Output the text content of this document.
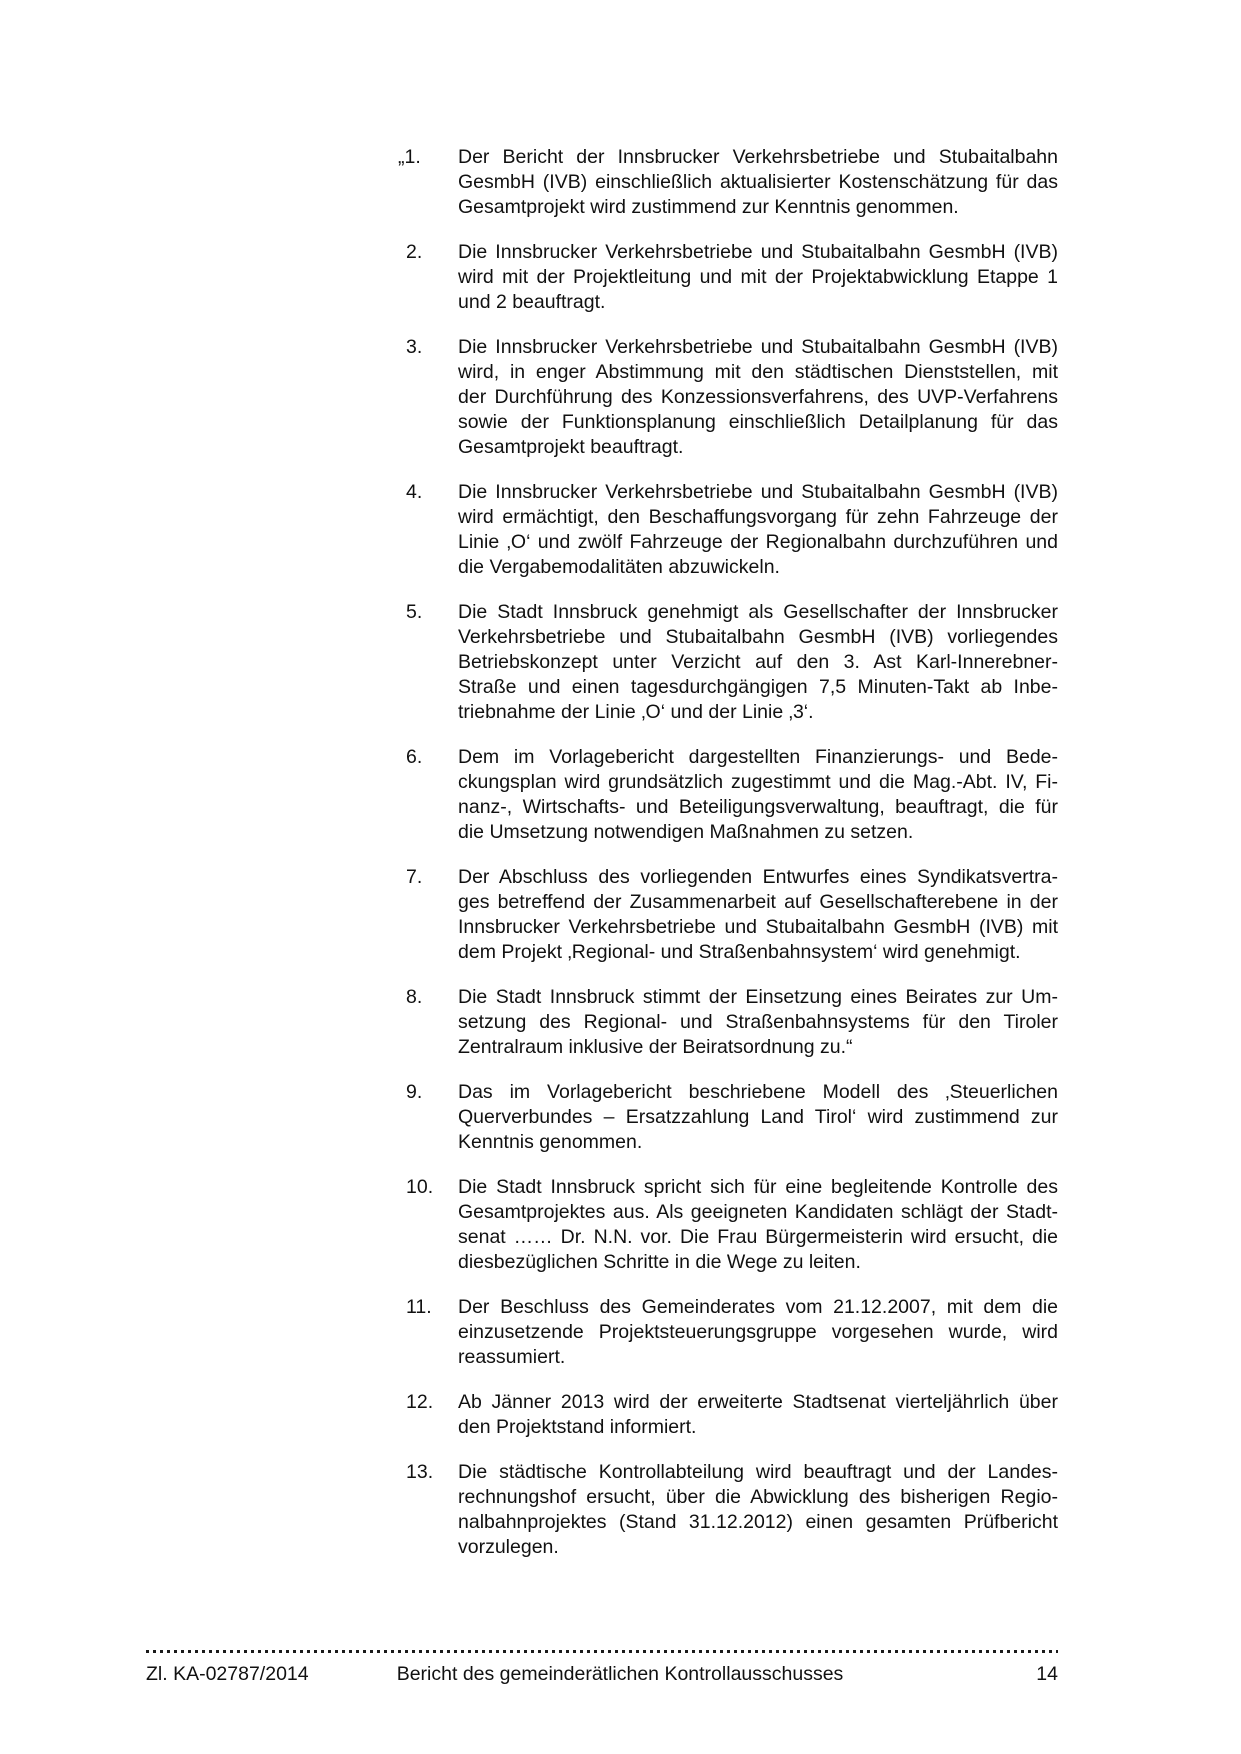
„1. Der Bericht der Innsbrucker Verkehrsbetriebe und Stubaitalbahn
GesmbH (IVB) einschließlich aktualisierter Kostenschätzung für das
Gesamtprojekt wird zustimmend zur Kenntnis genommen.
2. Die Innsbrucker Verkehrsbetriebe und Stubaitalbahn GesmbH (IVB)
wird mit der Projektleitung und mit der Projektabwicklung Etappe 1
und 2 beauftragt.
3. Die Innsbrucker Verkehrsbetriebe und Stubaitalbahn GesmbH (IVB)
wird, in enger Abstimmung mit den städtischen Dienststellen, mit
der Durchführung des Konzessionsverfahrens, des UVP-Verfahrens
sowie der Funktionsplanung einschließlich Detailplanung für das
Gesamtprojekt beauftragt.
4. Die Innsbrucker Verkehrsbetriebe und Stubaitalbahn GesmbH (IVB)
wird ermächtigt, den Beschaffungsvorgang für zehn Fahrzeuge der
Linie ‚O‘ und zwölf Fahrzeuge der Regionalbahn durchzuführen und
die Vergabemodalitäten abzuwickeln.
5. Die Stadt Innsbruck genehmigt als Gesellschafter der Innsbrucker
Verkehrsbetriebe und Stubaitalbahn GesmbH (IVB) vorliegendes
Betriebskonzept unter Verzicht auf den 3. Ast Karl-Innerebner-
Straße und einen tagesdurchgängigen 7,5 Minuten-Takt ab Inbe-
triebnahme der Linie ‚O‘ und der Linie ‚3‘.
6. Dem im Vorlagebericht dargestellten Finanzierungs- und Bede-
ckungsplan wird grundsätzlich zugestimmt und die Mag.-Abt. IV, Fi-
nanz-, Wirtschafts- und Beteiligungsverwaltung, beauftragt, die für
die Umsetzung notwendigen Maßnahmen zu setzen.
7. Der Abschluss des vorliegenden Entwurfes eines Syndikatsvertra-
ges betreffend der Zusammenarbeit auf Gesellschafterebene in der
Innsbrucker Verkehrsbetriebe und Stubaitalbahn GesmbH (IVB) mit
dem Projekt ‚Regional- und Straßenbahnsystem‘ wird genehmigt.
8. Die Stadt Innsbruck stimmt der Einsetzung eines Beirates zur Um-
setzung des Regional- und Straßenbahnsystems für den Tiroler
Zentralraum inklusive der Beiratsordnung zu.“
9. Das im Vorlagebericht beschriebene Modell des ‚Steuerlichen
Querverbundes – Ersatzzahlung Land Tirol‘ wird zustimmend zur
Kenntnis genommen.
10. Die Stadt Innsbruck spricht sich für eine begleitende Kontrolle des
Gesamtprojektes aus. Als geeigneten Kandidaten schlägt der Stadt-
senat …… Dr. N.N. vor. Die Frau Bürgermeisterin wird ersucht, die
diesbezüglichen Schritte in die Wege zu leiten.
11. Der Beschluss des Gemeinderates vom 21.12.2007, mit dem die
einzusetzende Projektsteuerungsgruppe vorgesehen wurde, wird
reassumiert.
12. Ab Jänner 2013 wird der erweiterte Stadtsenat vierteljährlich über
den Projektstand informiert.
13. Die städtische Kontrollabteilung wird beauftragt und der Landes-
rechnungshof ersucht, über die Abwicklung des bisherigen Regio-
nalbahnprojektes (Stand 31.12.2012) einen gesamten Prüfbericht
vorzulegen.
Zl. KA-02787/2014	Bericht des gemeinderätlichen Kontrollausschusses	14
